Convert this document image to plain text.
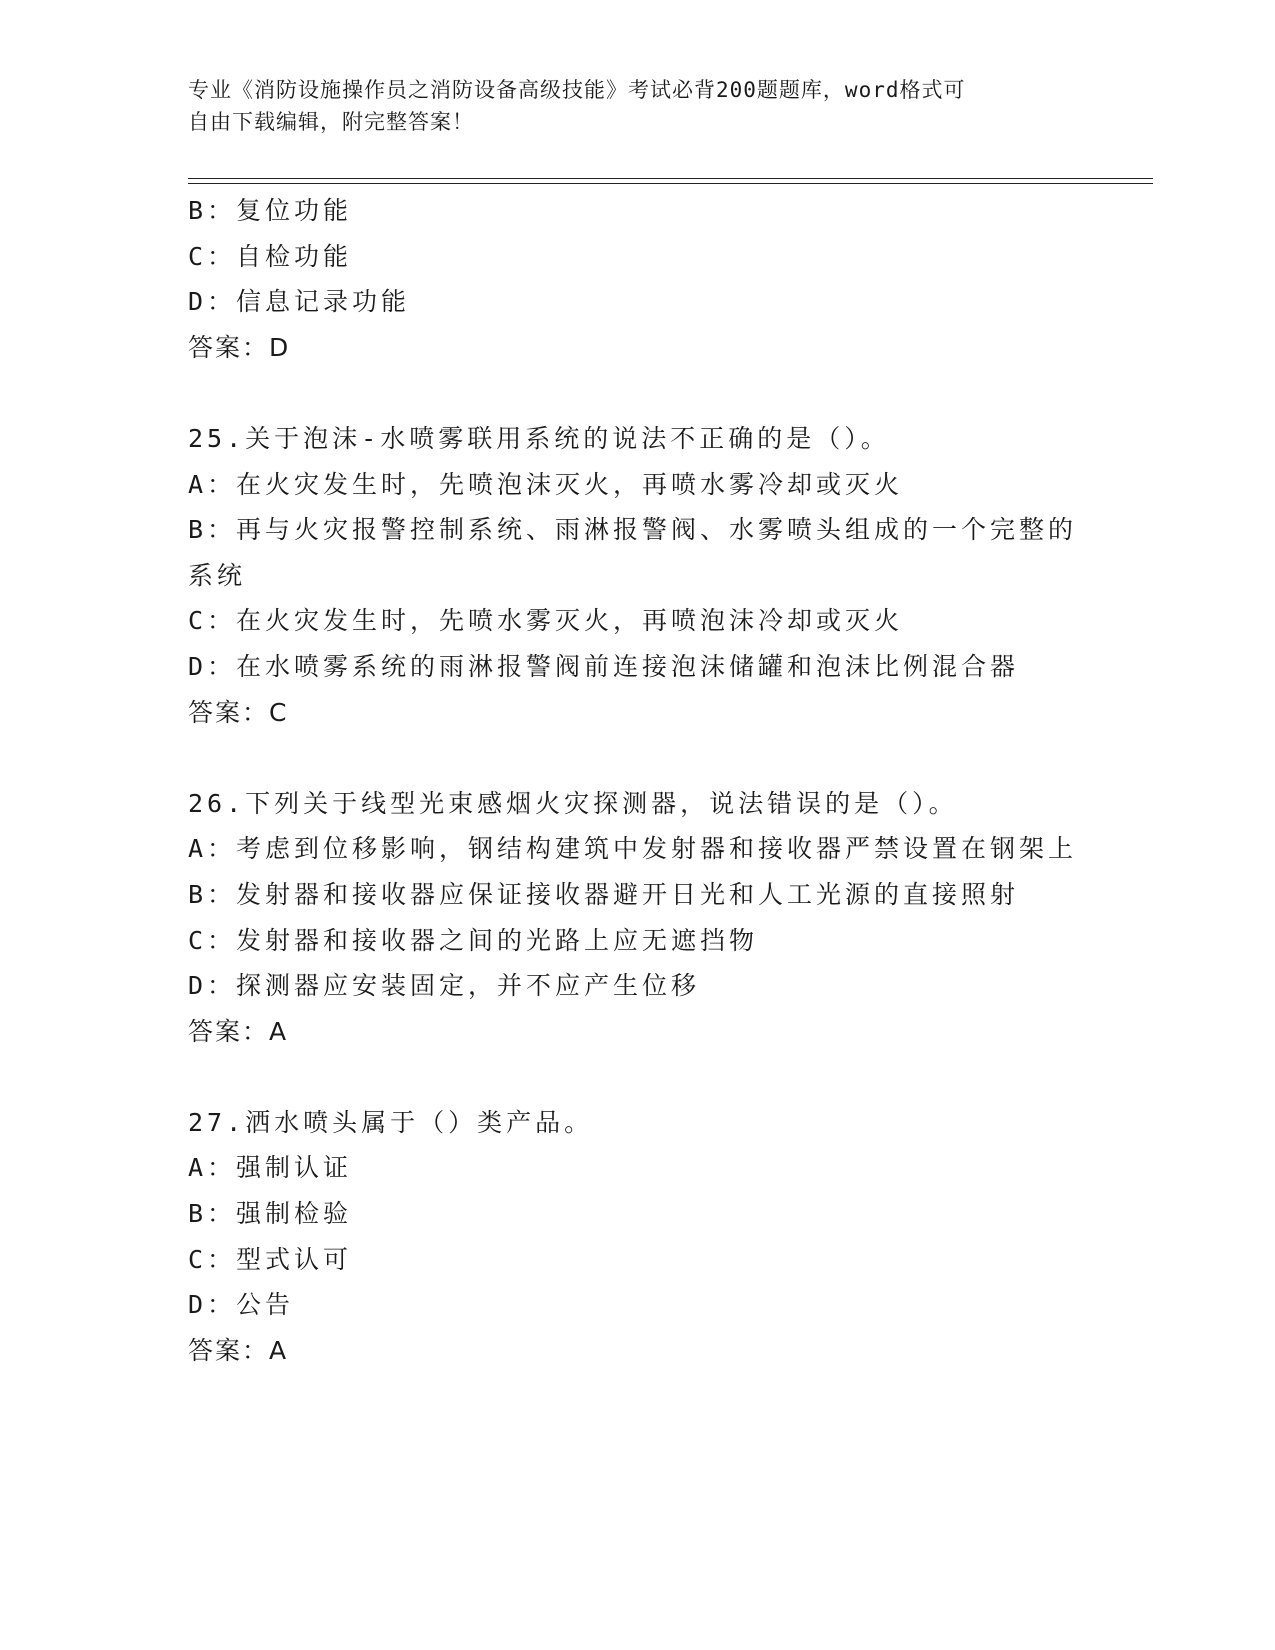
专业《消防设施操作员之消防设备高级技能》考试必背200题题库，word格式可
自由下载编辑，附完整答案！
B：复位功能
C：自检功能
D：信息记录功能
答案：D
25.关于泡沫-水喷雾联用系统的说法不正确的是（）。
A：在火灾发生时，先喷泡沫灭火，再喷水雾冷却或灭火
B：再与火灾报警控制系统、雨淋报警阀、水雾喷头组成的一个完整的
系统
C：在火灾发生时，先喷水雾灭火，再喷泡沫冷却或灭火
D：在水喷雾系统的雨淋报警阀前连接泡沫储罐和泡沫比例混合器
答案：C
26.下列关于线型光束感烟火灾探测器，说法错误的是（）。
A：考虑到位移影响，钢结构建筑中发射器和接收器严禁设置在钢架上
B：发射器和接收器应保证接收器避开日光和人工光源的直接照射
C：发射器和接收器之间的光路上应无遮挡物
D：探测器应安装固定，并不应产生位移
答案：A
27.洒水喷头属于（）类产品。
A：强制认证
B：强制检验
C：型式认可
D：公告
答案：A
